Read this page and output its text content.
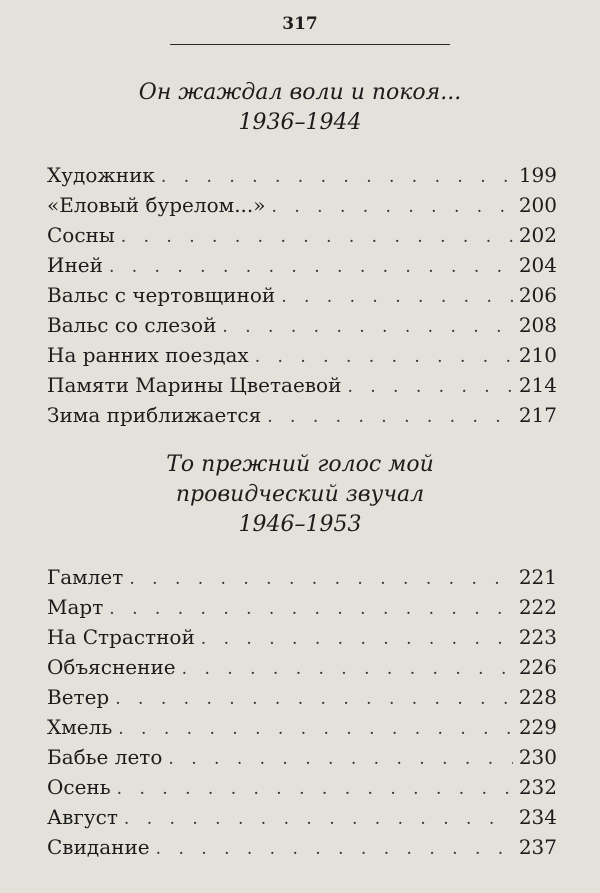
317
Он жаждал воли и покоя...
1936–1944
Художник . . .	199
«Еловый бурелом...» . . .	200
Сосны . . .	202
Иней . . .	204
Вальс с чертовщиной . . .	206
Вальс со слезой . . .	208
На ранних поездах . . .	210
Памяти Марины Цветаевой . . .	214
Зима приближается . . .	217
То прежний голос мой
провидческий звучал
1946–1953
Гамлет . . .	221
Март . . .	222
На Страстной . . .	223
Объяснение . . .	226
Ветер . . .	228
Хмель . . .	229
Бабье лето . . .	230
Осень . . .	232
Август . . .	234
Свидание . . .	237
